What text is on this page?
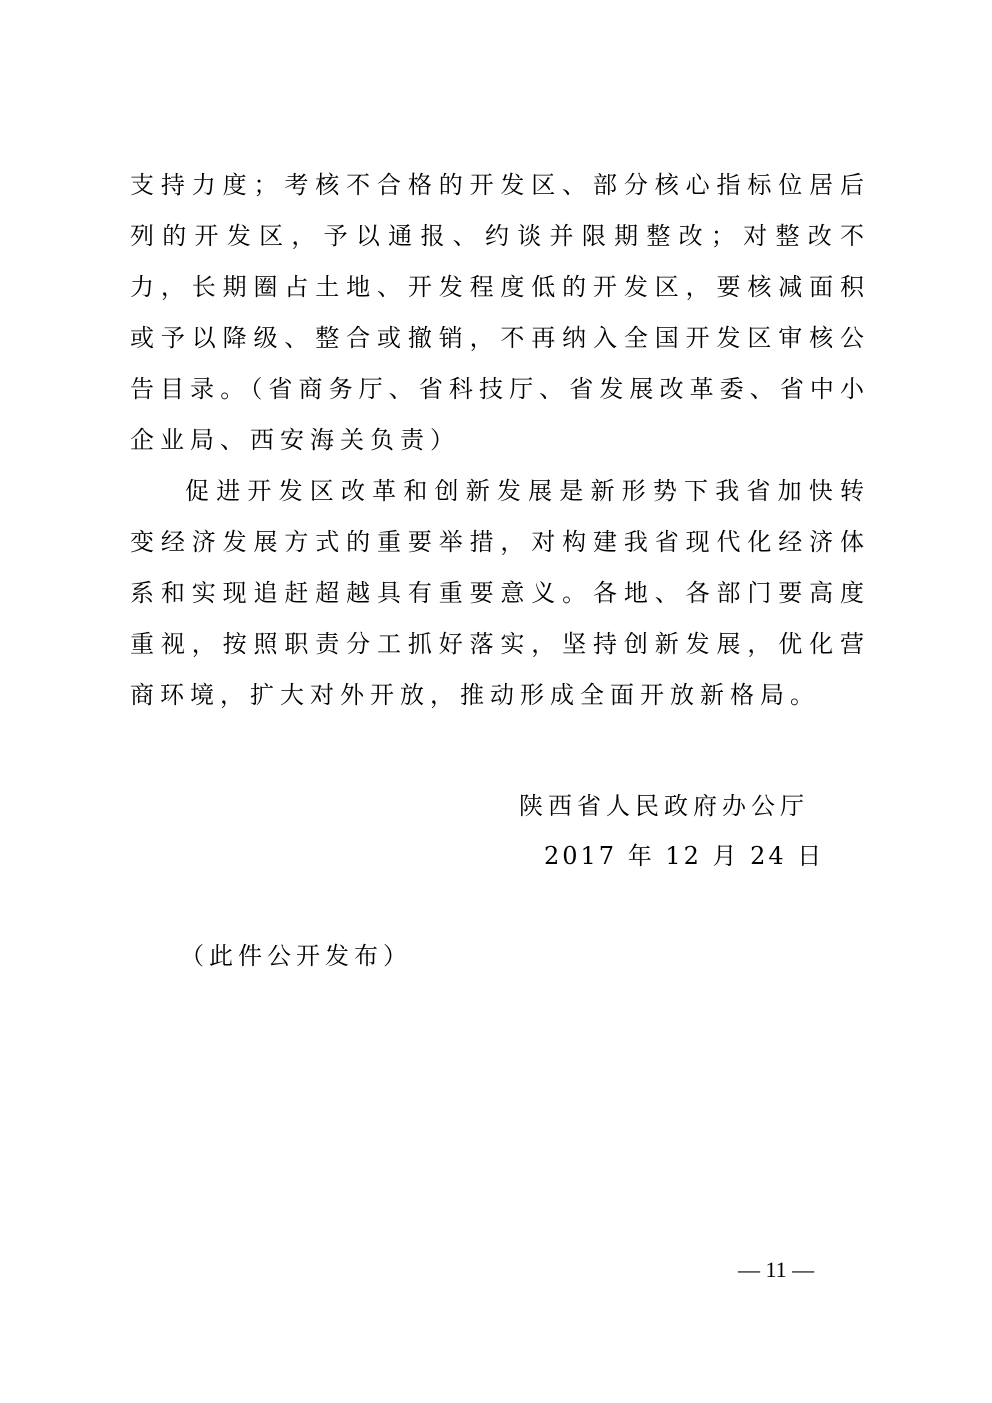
支持力度；考核不合格的开发区、部分核心指标位居后列的开发区，予以通报、约谈并限期整改；对整改不力，长期圈占土地、开发程度低的开发区，要核减面积或予以降级、整合或撤销，不再纳入全国开发区审核公告目录。（省商务厅、省科技厅、省发展改革委、省中小企业局、西安海关负责）

促进开发区改革和创新发展是新形势下我省加快转变经济发展方式的重要举措，对构建我省现代化经济体系和实现追赶超越具有重要意义。各地、各部门要高度重视，按照职责分工抓好落实，坚持创新发展，优化营商环境，扩大对外开放，推动形成全面开放新格局。

陕西省人民政府办公厅
2017 年 12 月 24 日
（此件公开发布）
— 11 —
